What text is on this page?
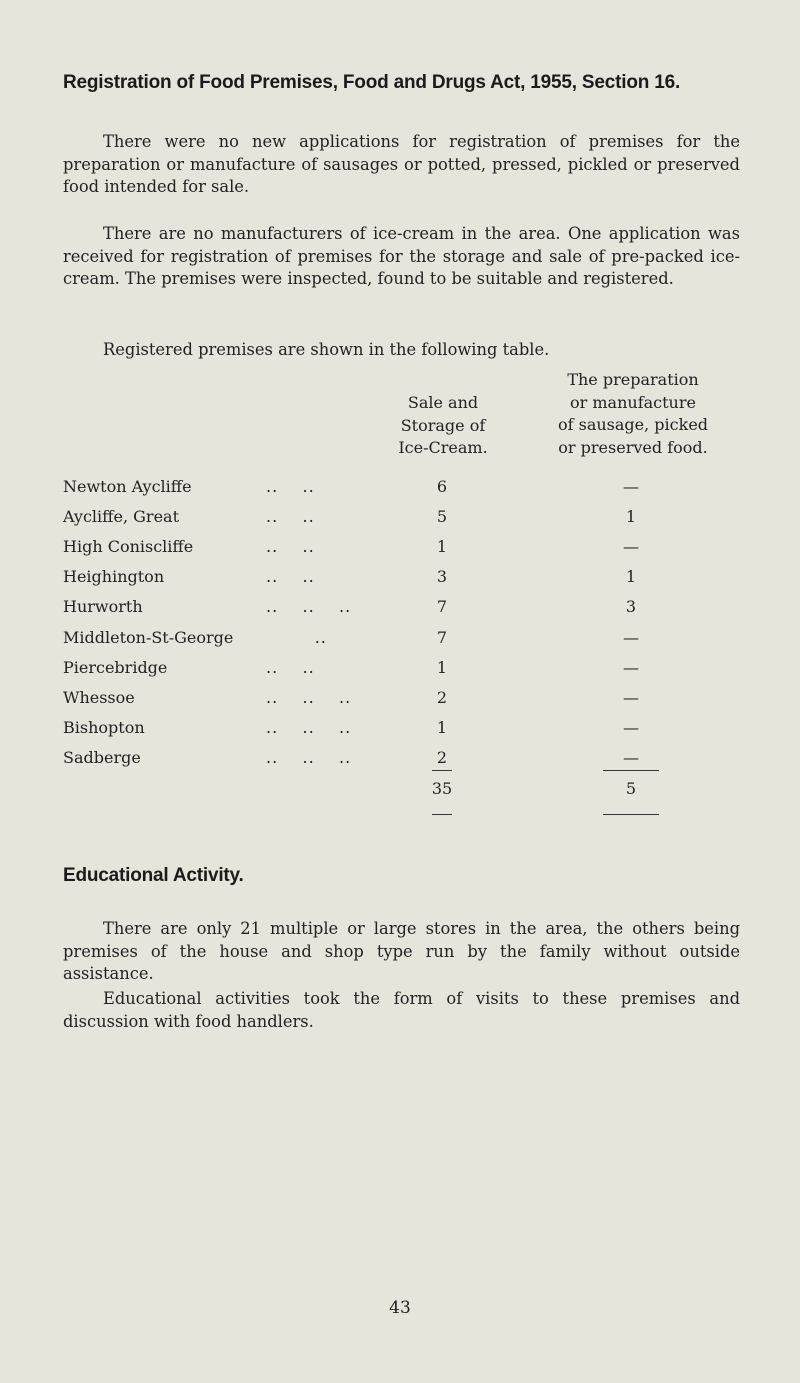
Registration of Food Premises, Food and Drugs Act, 1955, Section 16.

There were no new applications for registration of premises for the preparation or manufacture of sausages or potted, pressed, pickled or preserved food intended for sale.

There are no manufacturers of ice-cream in the area. One application was received for registration of premises for the storage and sale of pre-packed ice-cream. The premises were inspected, found to be suitable and registered.

Registered premises are shown in the following table.
Sale and
Storage of
Ice-Cream.
The preparation
or manufacture
of sausage, picked
or preserved food.
Newton Aycliffe	..    ..	6	—
Aycliffe, Great	..    ..	5	1
High Coniscliffe	..    ..	1	—
Heighington	..    ..	3	1
Hurworth	..    ..    ..	7	3
Middleton-St-George ..	7	—
Piercebridge	..    ..	1	—
Whessoe	..    ..    ..	2	—
Bishopton	..    ..    ..	1	—
Sadberge	..    ..    ..	2	—
35	5
Educational Activity.

There are only 21 multiple or large stores in the area, the others being premises of the house and shop type run by the family without outside assistance.

Educational activities took the form of visits to these premises and discussion with food handlers.

43
